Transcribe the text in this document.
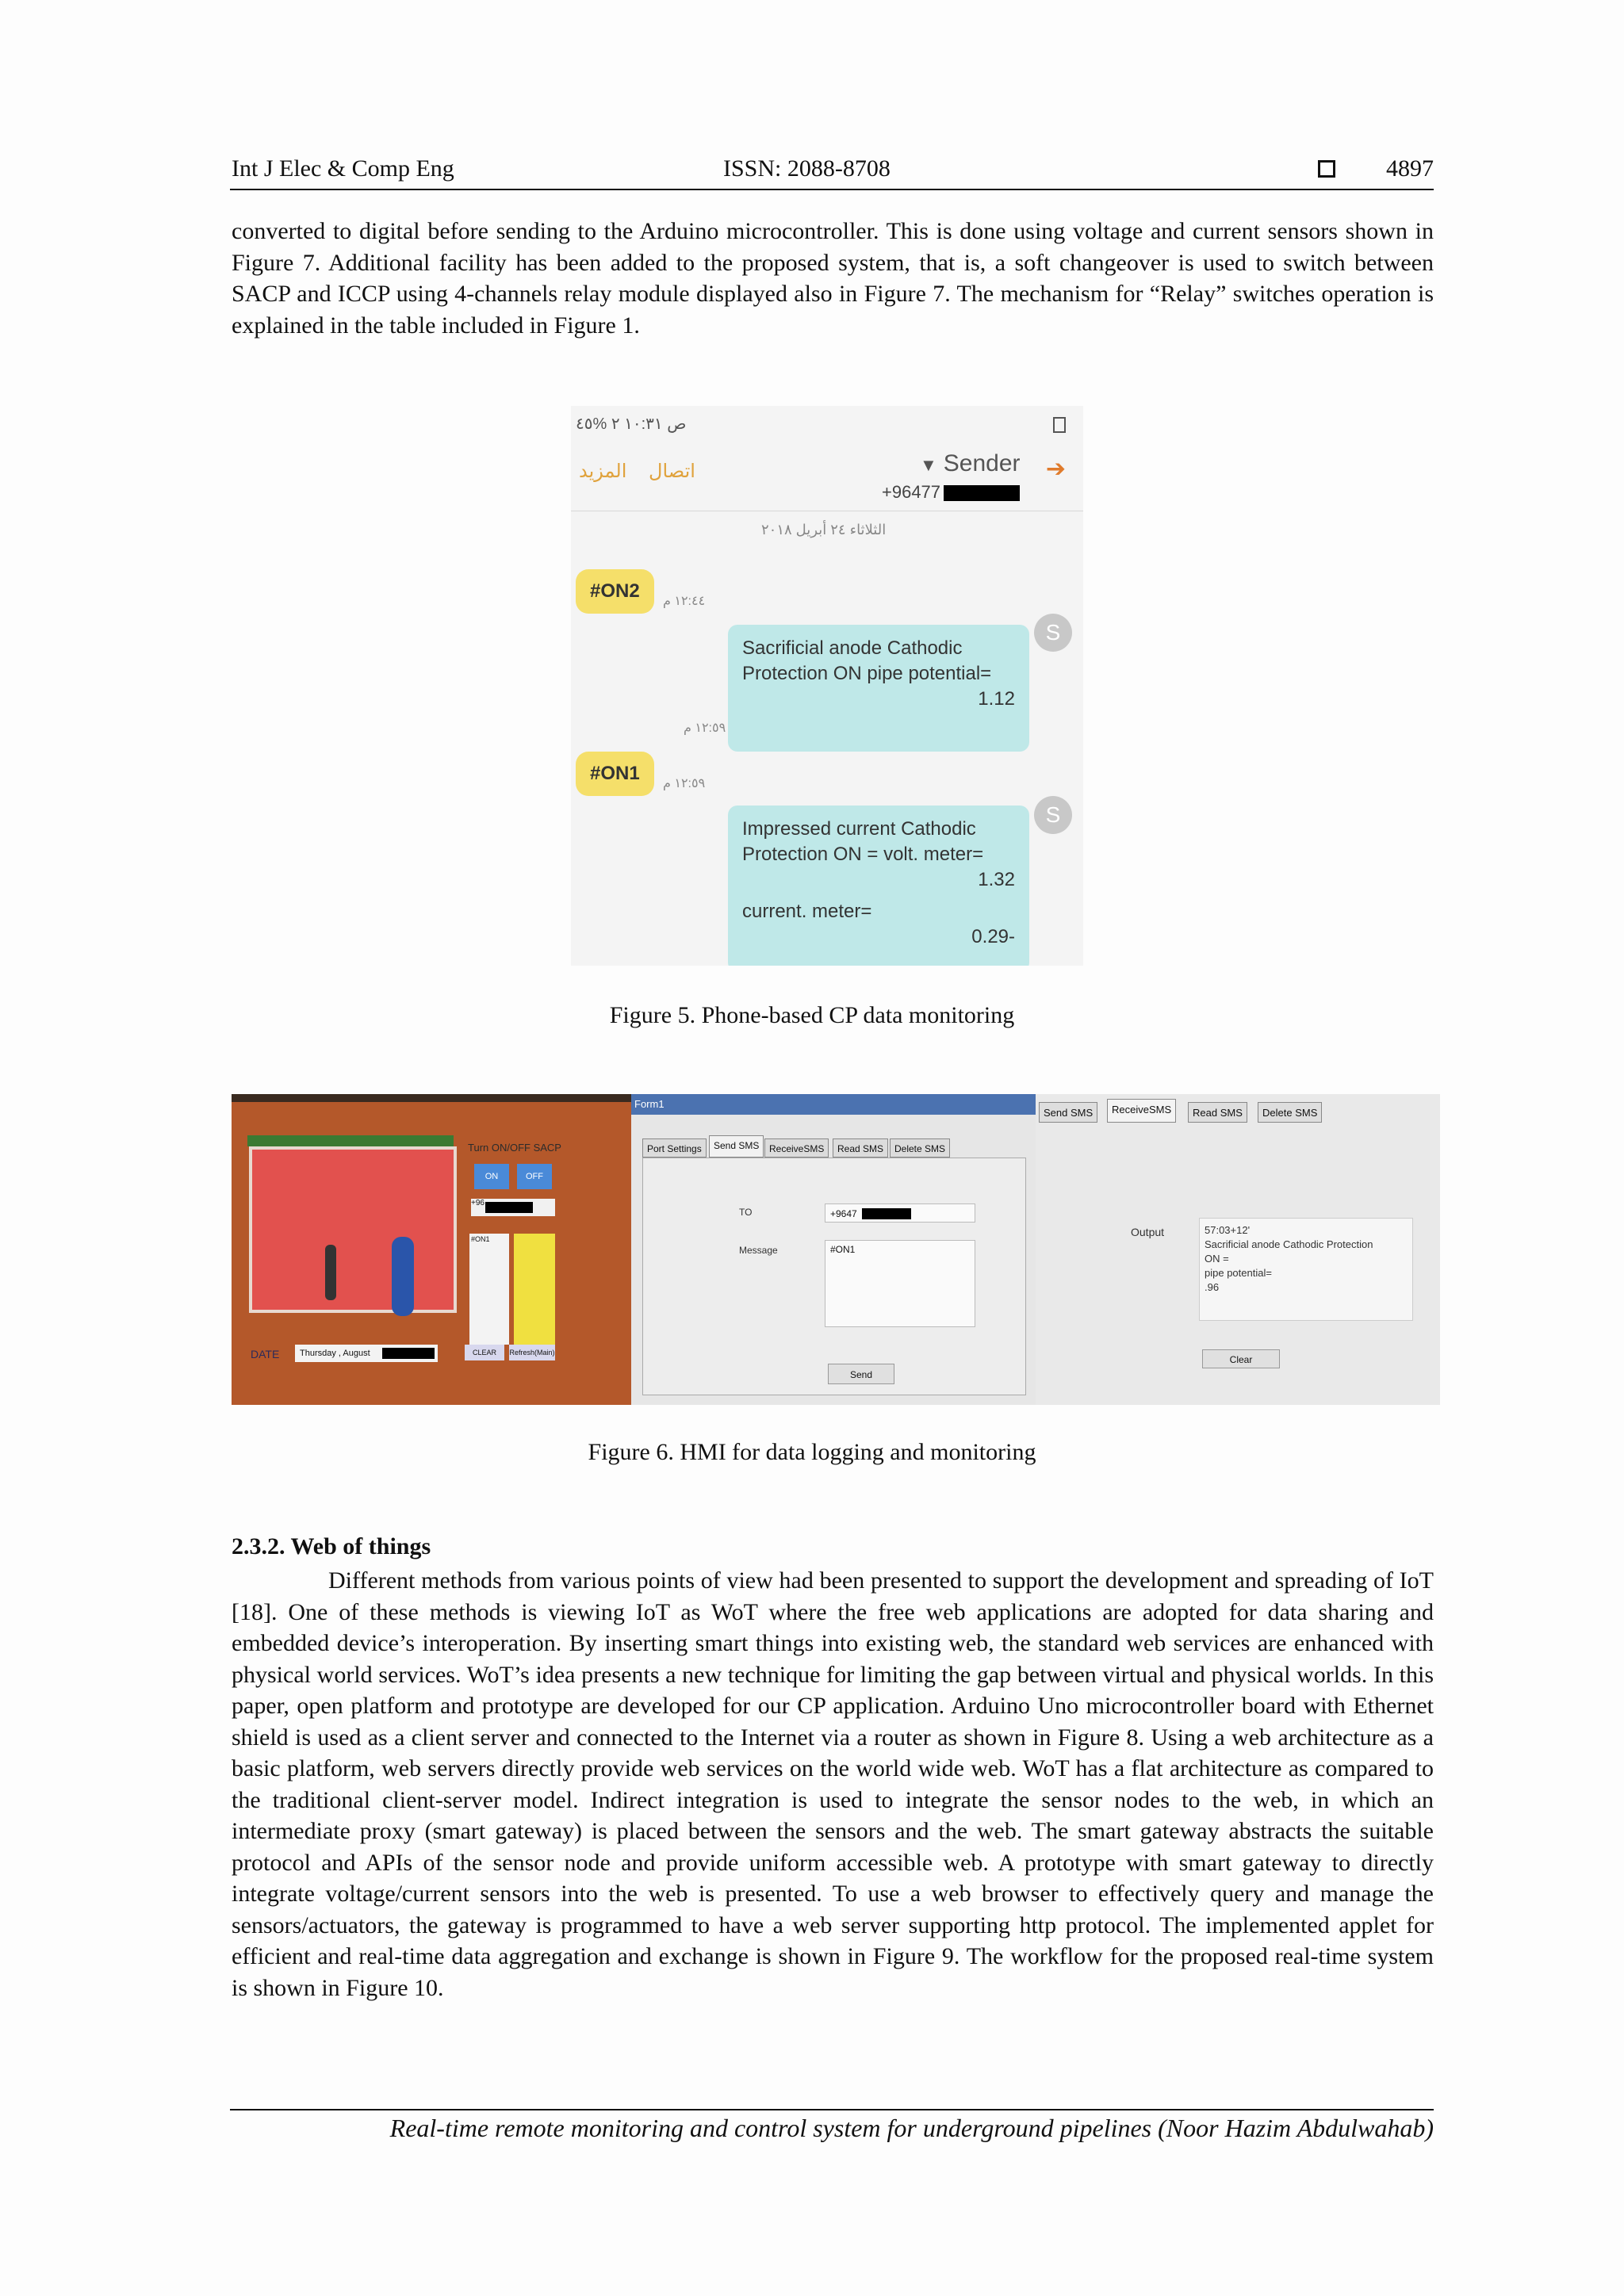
Int J Elec & Comp Eng	ISSN: 2088-8708	4897
converted to digital before sending to the Arduino microcontroller. This is done using voltage and current sensors shown in Figure 7. Additional facility has been added to the proposed system, that is, a soft changeover is used to switch between SACP and ICCP using 4-channels relay module displayed also in Figure 7. The mechanism for “Relay” switches operation is explained in the table included in Figure 1.
ص ١٠:٣١ ٢ %٤٥
المزيد اتصال	▼ Sender ➔
+96477
الثلاثاء ٢٤ أبريل ٢٠١٨
#ON2	١٢:٤٤ م
Sacrificial anode Cathodic Protection ON pipe potential=
1.12
S
١٢:٥٩ م
#ON1	١٢:٥٩ م
Impressed current Cathodic Protection ON = volt. meter=
1.32
current. meter=
0.29-
S
Figure 5. Phone-based CP data monitoring
Turn ON/OFF SACP
ON	OFF
+96
#ON1
DATE	Thursday , August	CLEAR	Refresh(Main)
Form1
Port Settings	Send SMS	ReceiveSMS	Read SMS	Delete SMS
TO	+9647
Message	#ON1
Send
Send SMS	ReceiveSMS	Read SMS	Delete SMS
Output	57:03+12'
Sacrificial anode Cathodic Protection
ON =
pipe potential=
.96
Clear
Figure 6. HMI for data logging and monitoring
2.3.2. Web of things
Different methods from various points of view had been presented to support the development and spreading of IoT [18]. One of these methods is viewing IoT as WoT where the free web applications are adopted for data sharing and embedded device’s interoperation. By inserting smart things into existing web, the standard web services are enhanced with physical world services. WoT’s idea presents a new technique for limiting the gap between virtual and physical worlds. In this paper, open platform and prototype are developed for our CP application. Arduino Uno microcontroller board with Ethernet shield is used as a client server and connected to the Internet via a router as shown in Figure 8. Using a web architecture as a basic platform, web servers directly provide web services on the world wide web. WoT has a flat architecture as compared to the traditional client-server model. Indirect integration is used to integrate the sensor nodes to the web, in which an intermediate proxy (smart gateway) is placed between the sensors and the web. The smart gateway abstracts the suitable protocol and APIs of the sensor node and provide uniform accessible web. A prototype with smart gateway to directly integrate voltage/current sensors into the web is presented. To use a web browser to effectively query and manage the sensors/actuators, the gateway is programmed to have a web server supporting http protocol. The implemented applet for efficient and real-time data aggregation and exchange is shown in Figure 9. The workflow for the proposed real-time system is shown in Figure 10.
Real-time remote monitoring and control system for underground pipelines (Noor Hazim Abdulwahab)
